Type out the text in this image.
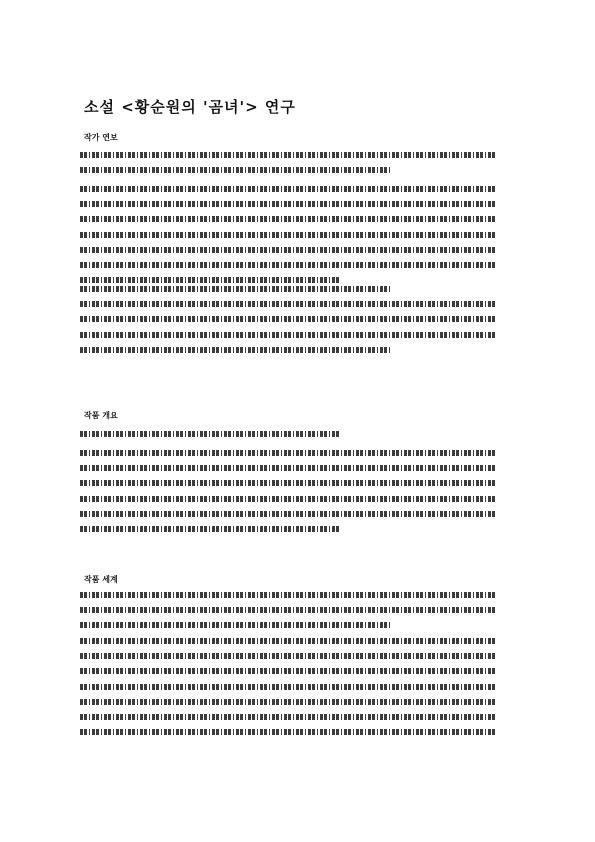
소설 <황순원의 '곰녀'> 연구
작가 연보
작품 개요
작품 세계
